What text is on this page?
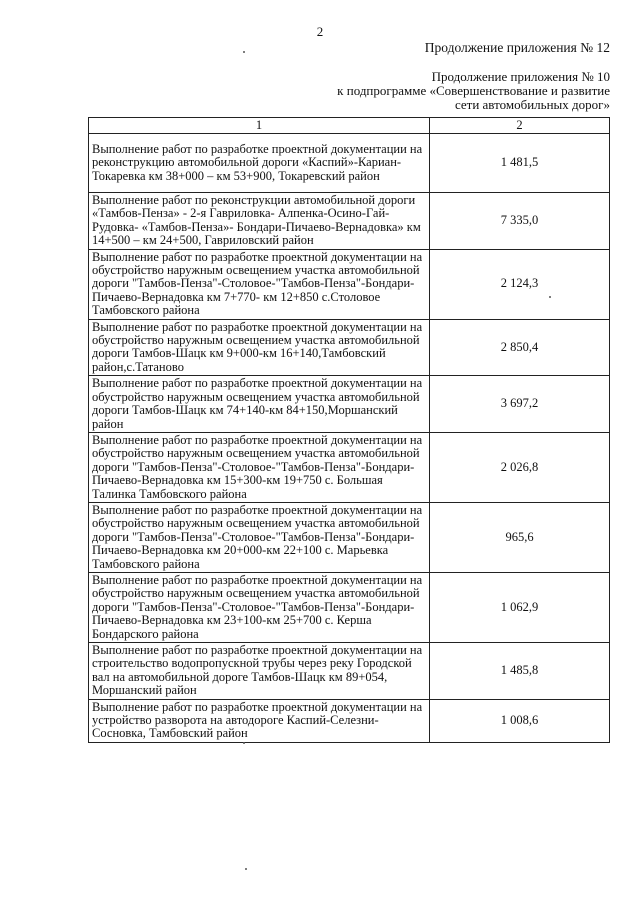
2
Продолжение приложения № 12
Продолжение приложения № 10
к подпрограмме «Совершенствование и развитие
сети автомобильных дорог»
1	2
Выполнение работ по разработке проектной документации на реконструкцию автомобильной дороги «Каспий»-Кариан-Токаревка км 38+000 – км 53+900, Токаревский район	1 481,5
Выполнение работ по реконструкции автомобильной дороги «Тамбов-Пенза» - 2-я Гавриловка- Алпенка-Осино-Гай- Рудовка- «Тамбов-Пенза»- Бондари-Пичаево-Вернадовка» км 14+500 – км 24+500, Гавриловский район	7 335,0
Выполнение работ по разработке проектной документации на обустройство наружным освещением участка автомобильной дороги "Тамбов-Пенза"-Столовое-"Тамбов-Пенза"-Бондари-Пичаево-Вернадовка км 7+770- км 12+850 с.Столовое Тамбовского района	2 124,3
Выполнение работ по разработке проектной документации на обустройство наружным освещением участка автомобильной дороги Тамбов-Шацк км 9+000-км 16+140,Тамбовский район,с.Татаново	2 850,4
Выполнение работ по разработке проектной документации на обустройство наружным освещением участка автомобильной дороги Тамбов-Шацк км 74+140-км 84+150,Моршанский район	3 697,2
Выполнение работ по разработке проектной документации на обустройство наружным освещением участка автомобильной дороги "Тамбов-Пенза"-Столовое-"Тамбов-Пенза"-Бондари-Пичаево-Вернадовка км 15+300-км 19+750 с. Большая Талинка Тамбовского района	2 026,8
Выполнение работ по разработке проектной документации на обустройство наружным освещением участка автомобильной дороги "Тамбов-Пенза"-Столовое-"Тамбов-Пенза"-Бондари-Пичаево-Вернадовка км 20+000-км 22+100 с. Марьевка Тамбовского района	965,6
Выполнение работ по разработке проектной документации на обустройство наружным освещением участка автомобильной дороги "Тамбов-Пенза"-Столовое-"Тамбов-Пенза"-Бондари-Пичаево-Вернадовка км 23+100-км 25+700 с. Керша Бондарского района	1 062,9
Выполнение работ по разработке проектной документации на строительство водопропускной трубы через реку Городской вал на автомобильной дороге Тамбов-Шацк км 89+054, Моршанский район	1 485,8
Выполнение работ по разработке проектной документации на устройство разворота на автодороге Каспий-Селезни-Сосновка, Тамбовский район	1 008,6
